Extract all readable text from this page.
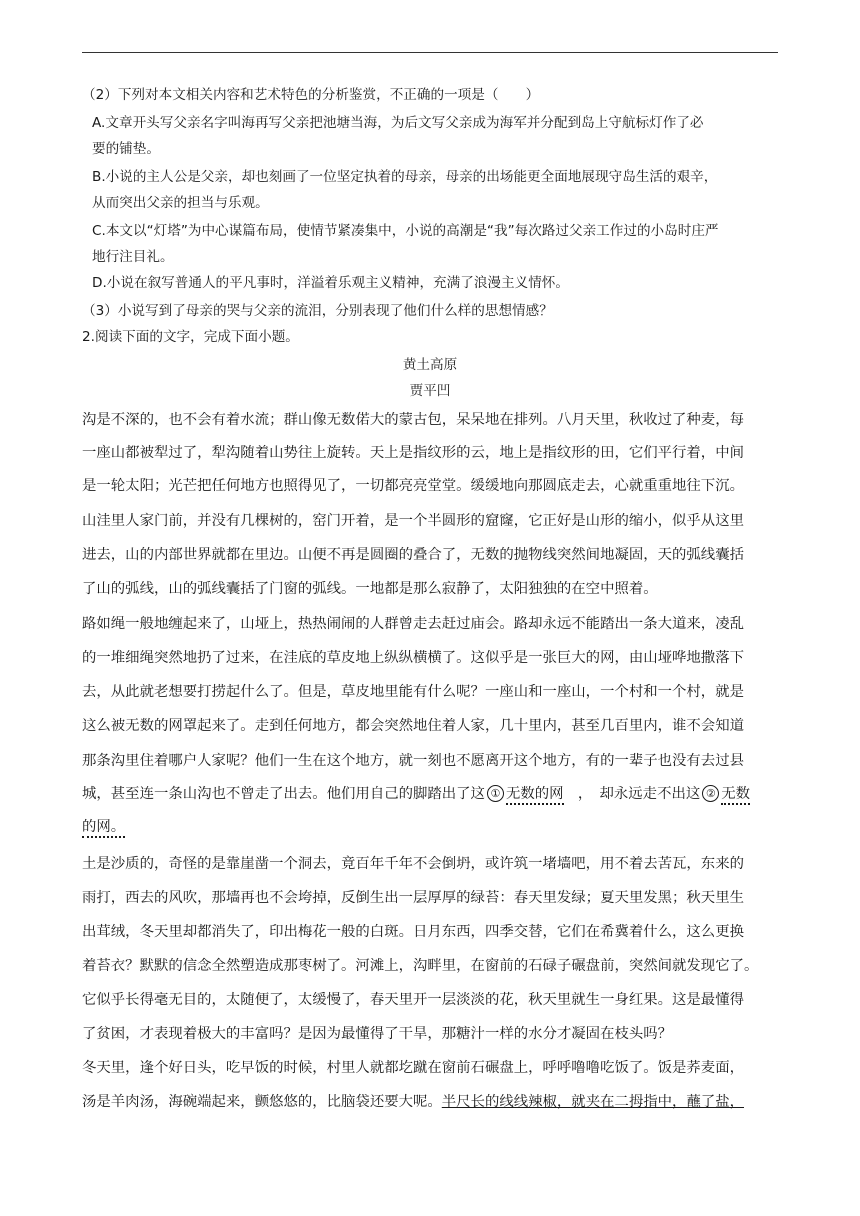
（2）下列对本文相关内容和艺术特色的分析鉴赏，不正确的一项是（　　）
A.文章开头写父亲名字叫海再写父亲把池塘当海，为后文写父亲成为海军并分配到岛上守航标灯作了必
要的铺垫。
B.小说的主人公是父亲，却也刻画了一位坚定执着的母亲，母亲的出场能更全面地展现守岛生活的艰辛，
从而突出父亲的担当与乐观。
C.本文以“灯塔”为中心谋篇布局，使情节紧凑集中，小说的高潮是“我”每次路过父亲工作过的小岛时庄严
地行注目礼。
D.小说在叙写普通人的平凡事时，洋溢着乐观主义精神，充满了浪漫主义情怀。
（3）小说写到了母亲的哭与父亲的流泪，分别表现了他们什么样的思想情感？
2.阅读下面的文字，完成下面小题。
黄土高原
贾平凹
沟是不深的，也不会有着水流；群山像无数偌大的蒙古包，呆呆地在排列。八月天里，秋收过了种麦，每
一座山都被犁过了，犁沟随着山势往上旋转。天上是指纹形的云，地上是指纹形的田，它们平行着，中间
是一轮太阳；光芒把任何地方也照得见了，一切都亮亮堂堂。缓缓地向那圆底走去，心就重重地往下沉。
山洼里人家门前，并没有几棵树的，窑门开着，是一个半圆形的窟窿，它正好是山形的缩小，似乎从这里
进去，山的内部世界就都在里边。山便不再是圆圈的叠合了，无数的抛物线突然间地凝固，天的弧线囊括
了山的弧线，山的弧线囊括了门窗的弧线。一地都是那么寂静了，太阳独独的在空中照着。
路如绳一般地缠起来了，山垭上，热热闹闹的人群曾走去赶过庙会。路却永远不能踏出一条大道来，凌乱
的一堆细绳突然地扔了过来，在洼底的草皮地上纵纵横横了。这似乎是一张巨大的网，由山垭哗地撒落下
去，从此就老想要打捞起什么了。但是，草皮地里能有什么呢？一座山和一座山，一个村和一个村，就是
这么被无数的网罩起来了。走到任何地方，都会突然地住着人家，几十里内，甚至几百里内，谁不会知道
那条沟里住着哪户人家呢？他们一生在这个地方，就一刻也不愿离开这个地方，有的一辈子也没有去过县
城，甚至连一条山沟也不曾走了出去。他们用自己的脚踏出了这 ① 无数的网　，　却永远走不出这 ② 无数
的网。
土是沙质的，奇怪的是靠崖凿一个洞去，竟百年千年不会倒坍，或许筑一堵墙吧，用不着去苦瓦，东来的
雨打，西去的风吹，那墙再也不会垮掉，反倒生出一层厚厚的绿苔：春天里发绿；夏天里发黑；秋天里生
出茸绒，冬天里却都消失了，印出梅花一般的白斑。日月东西，四季交替，它们在希冀着什么，这么更换
着苔衣？默默的信念全然塑造成那枣树了。河滩上，沟畔里，在窗前的石碌子碾盘前，突然间就发现它了。
它似乎长得毫无目的，太随便了，太缓慢了，春天里开一层淡淡的花，秋天里就生一身红果。这是最懂得
了贫困，才表现着极大的丰富吗？是因为最懂得了干旱，那糖汁一样的水分才凝固在枝头吗？
冬天里，逢个好日头，吃早饭的时候，村里人就都圪蹴在窗前石碾盘上，呼呼噜噜吃饭了。饭是荞麦面，
汤是羊肉汤，海碗端起来，颤悠悠的，比脑袋还要大呢。半尺长的线线辣椒，就夹在二拇指中，蘸了盐，
